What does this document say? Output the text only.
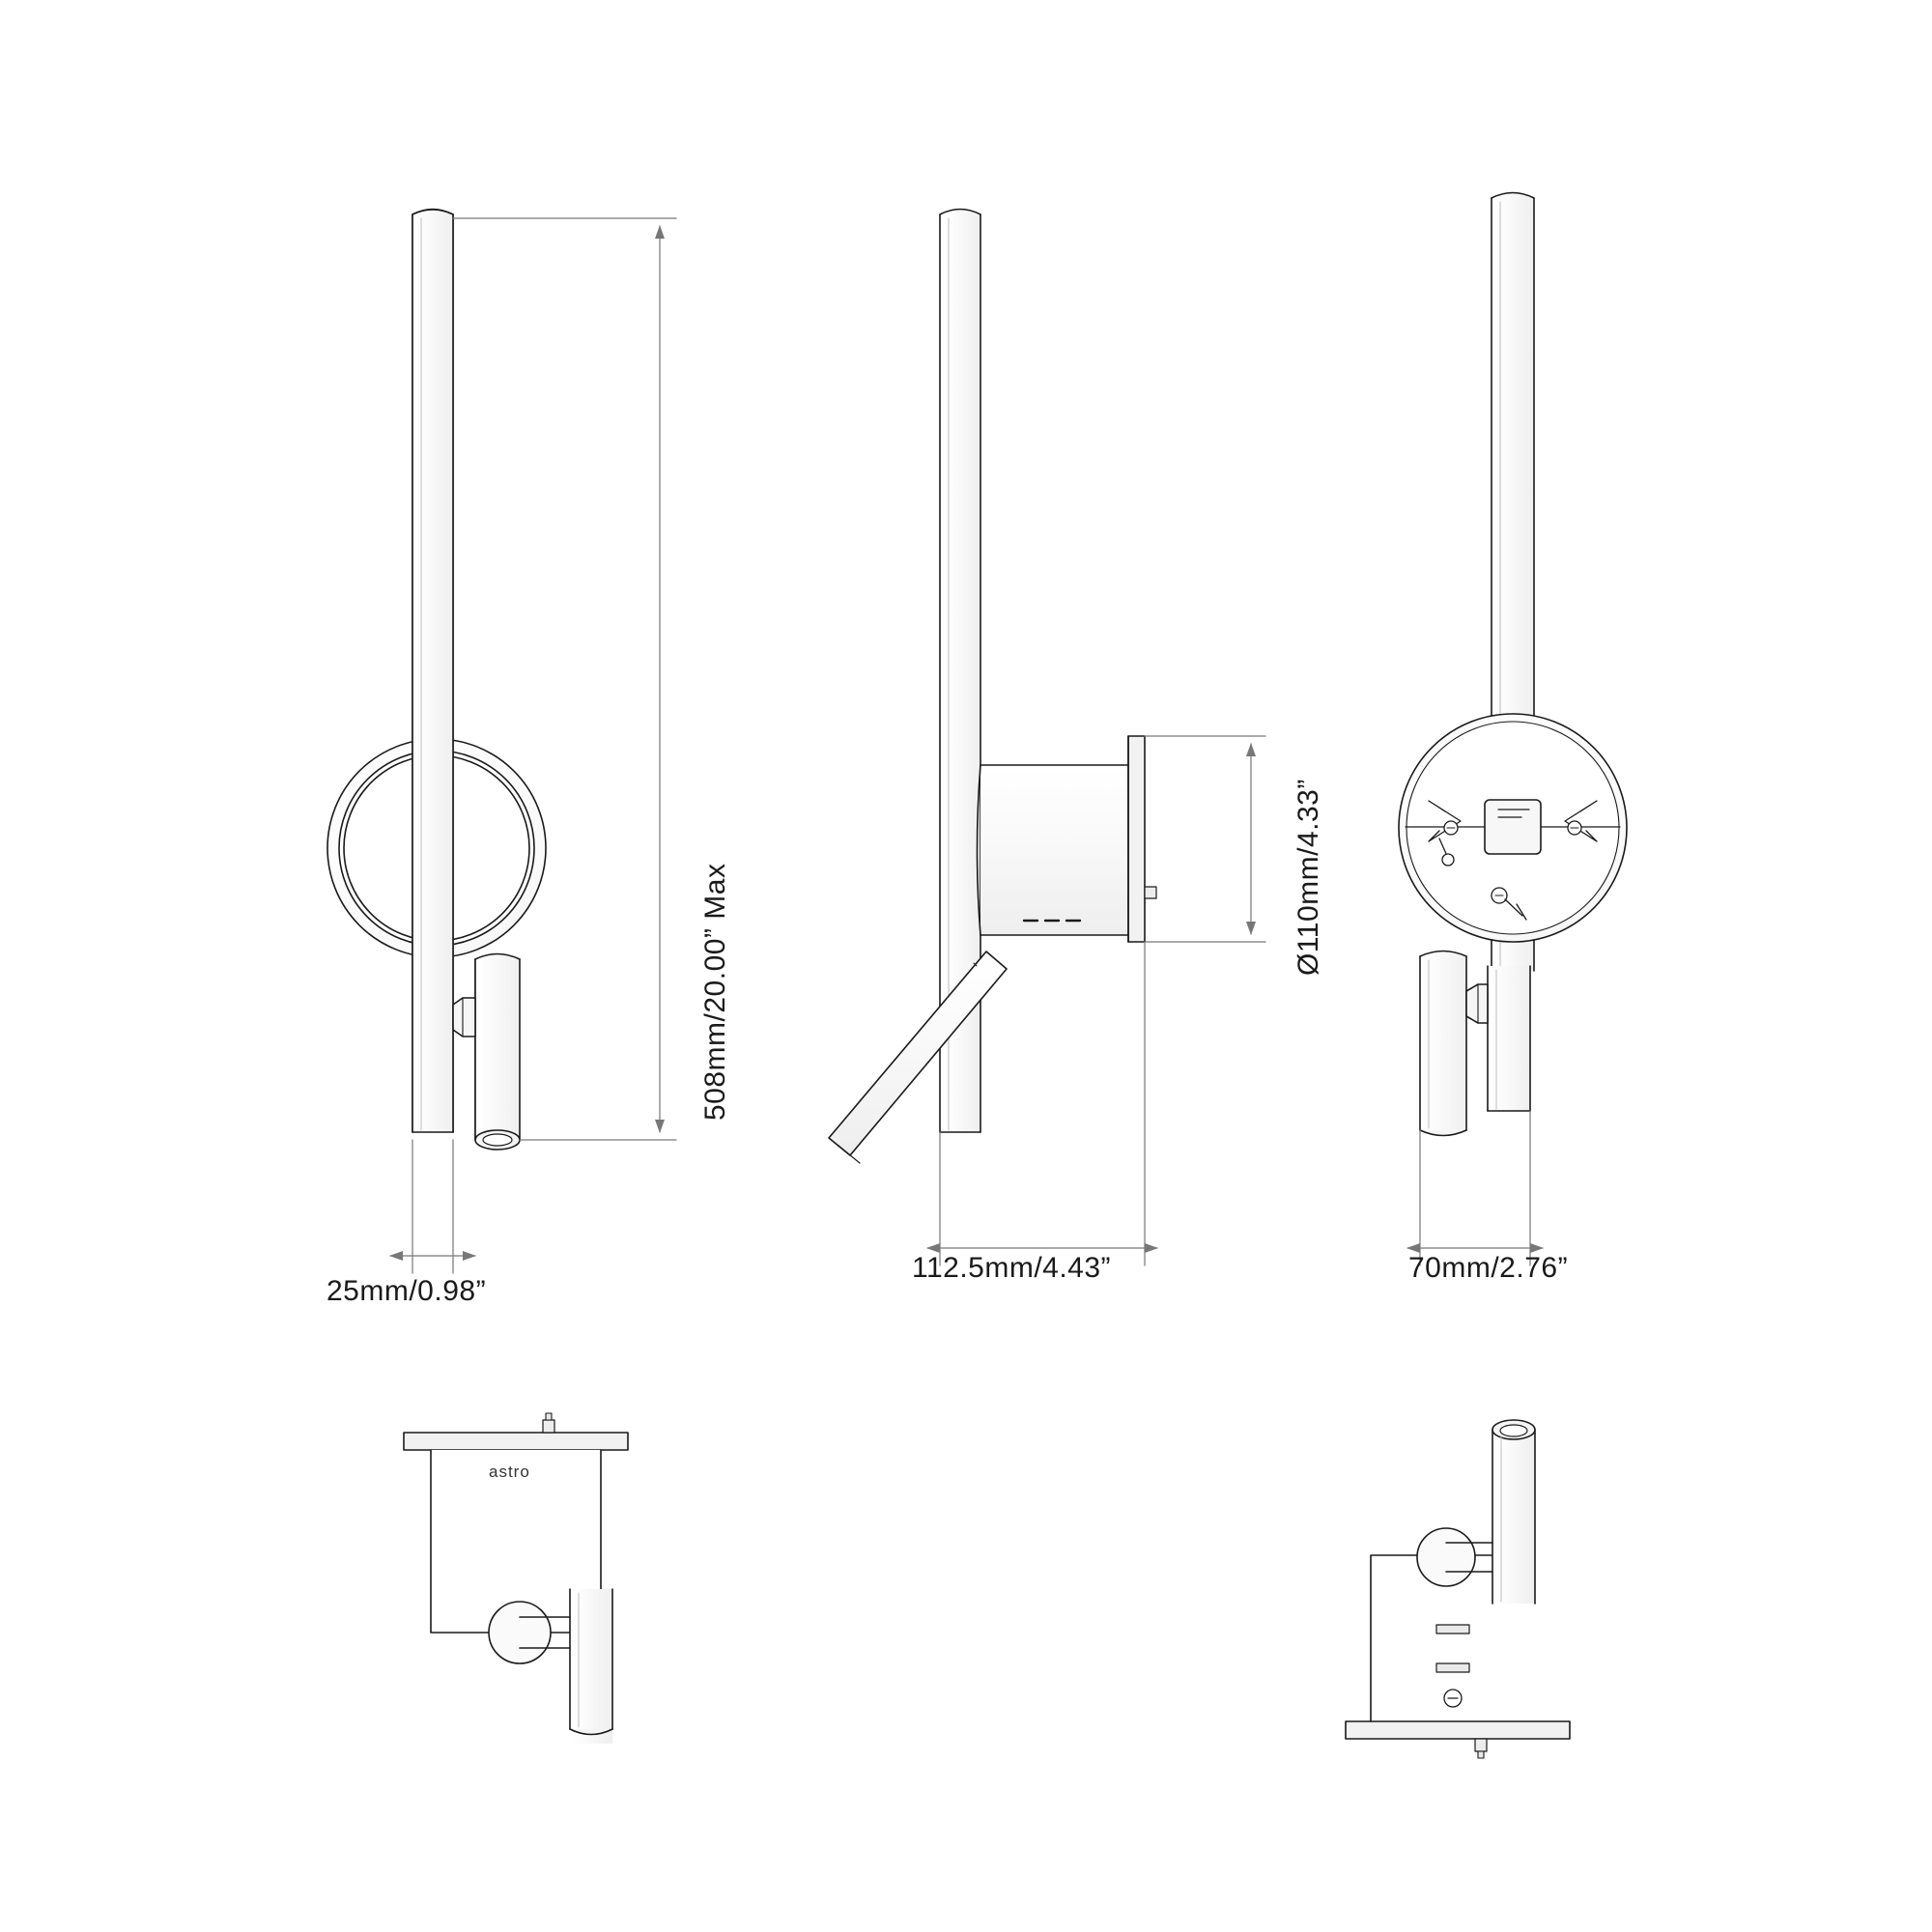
508mm/20.00” Max
25mm/0.98”
Ø110mm/4.33”
112.5mm/4.43”	70mm/2.76”
astro
